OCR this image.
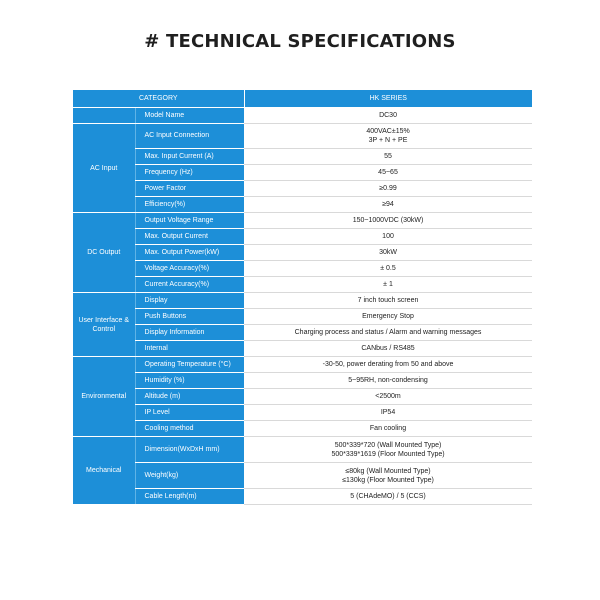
# TECHNICAL SPECIFICATIONS
CATEGORY		HK SERIES
	Model Name	DC30

AC Input	AC Input Connection	400VAC±15%
3P + N + PE

	Max. Input Current (A)	55

	Frequency (Hz)	45~65

	Power Factor	≥0.99

	Efficiency(%)	≥94

DC Output	Output Voltage Range	150~1000VDC (30kW)

	Max. Output Current	100

	Max. Output Power(kW)	30kW

	Voltage Accuracy(%)	± 0.5

	Current Accuracy(%)	± 1

User Interface & Control	Display	7 inch touch screen

	Push Buttons	Emergency Stop

	Display Information	Charging process and status / Alarm and warning messages

	Internal	CANbus / RS485

Environmental	Operating Temperature (°C)	-30-50, power derating from 50 and above

	Humidity (%)	5~95RH, non-condensing

	Altitude (m)	<2500m

	IP Level	IP54

	Cooling method	Fan cooling

Mechanical	Dimension(WxDxH mm)	500*339*720 (Wall Mounted Type)
500*339*1619 (Floor Mounted Type)

	Weight(kg)	≤80kg (Wall Mounted Type)
≤130kg (Floor Mounted Type)

	Cable Length(m)	5 (CHAdeMO) / 5 (CCS)
